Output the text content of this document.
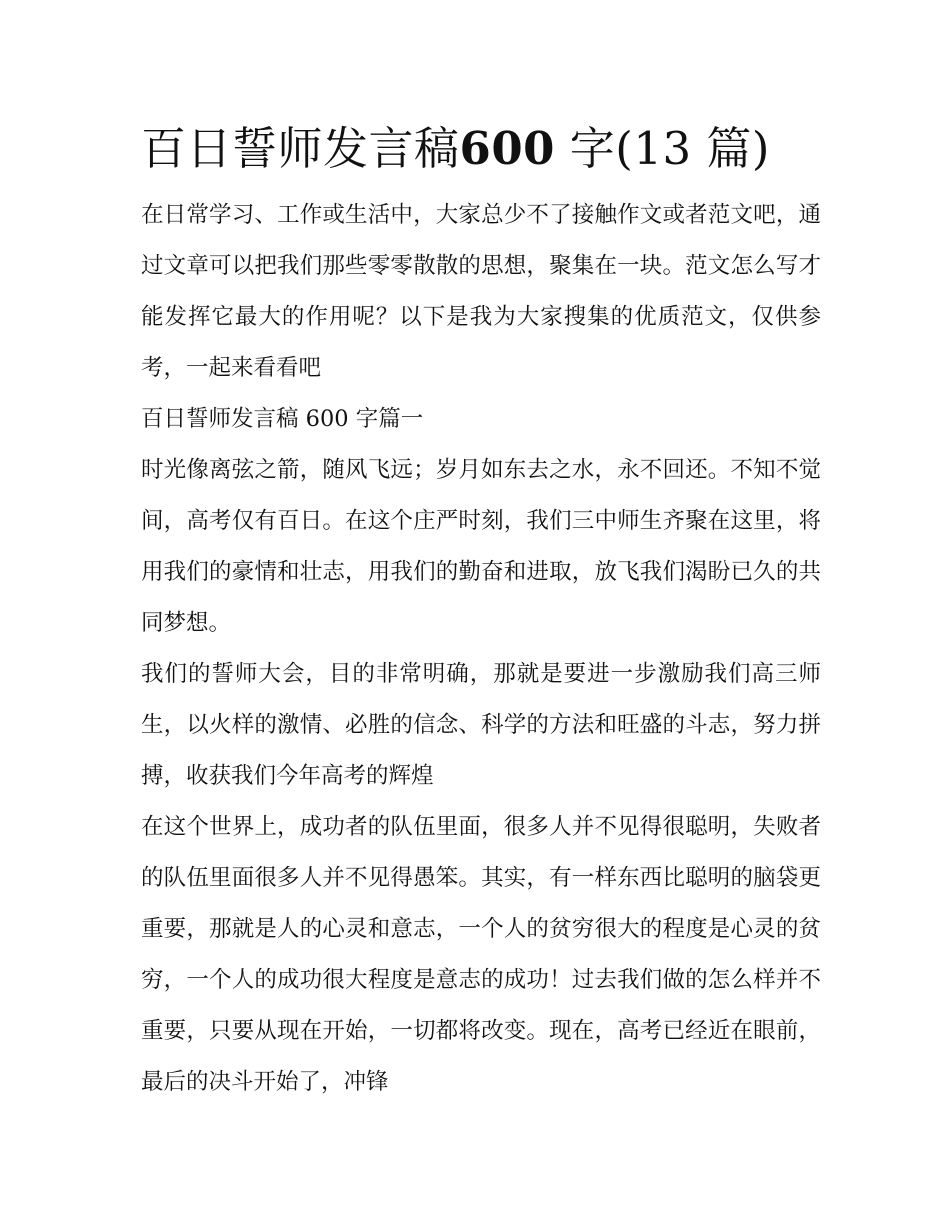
百日誓师发言稿600 字(13 篇)

在日常学习、工作或生活中，大家总少不了接触作文或者范文吧，通过文章可以把我们那些零零散散的思想，聚集在一块。范文怎么写才能发挥它最大的作用呢？以下是我为大家搜集的优质范文，仅供参考，一起来看看吧

百日誓师发言稿 600 字篇一

时光像离弦之箭，随风飞远；岁月如东去之水，永不回还。不知不觉间，高考仅有百日。在这个庄严时刻，我们三中师生齐聚在这里，将用我们的豪情和壮志，用我们的勤奋和进取，放飞我们渴盼已久的共同梦想。

我们的誓师大会，目的非常明确，那就是要进一步激励我们高三师生，以火样的激情、必胜的信念、科学的方法和旺盛的斗志，努力拼搏，收获我们今年高考的辉煌

在这个世界上，成功者的队伍里面，很多人并不见得很聪明，失败者的队伍里面很多人并不见得愚笨。其实，有一样东西比聪明的脑袋更重要，那就是人的心灵和意志，一个人的贫穷很大的程度是心灵的贫穷，一个人的成功很大程度是意志的成功！过去我们做的怎么样并不重要，只要从现在开始，一切都将改变。现在，高考已经近在眼前，最后的决斗开始了，冲锋
